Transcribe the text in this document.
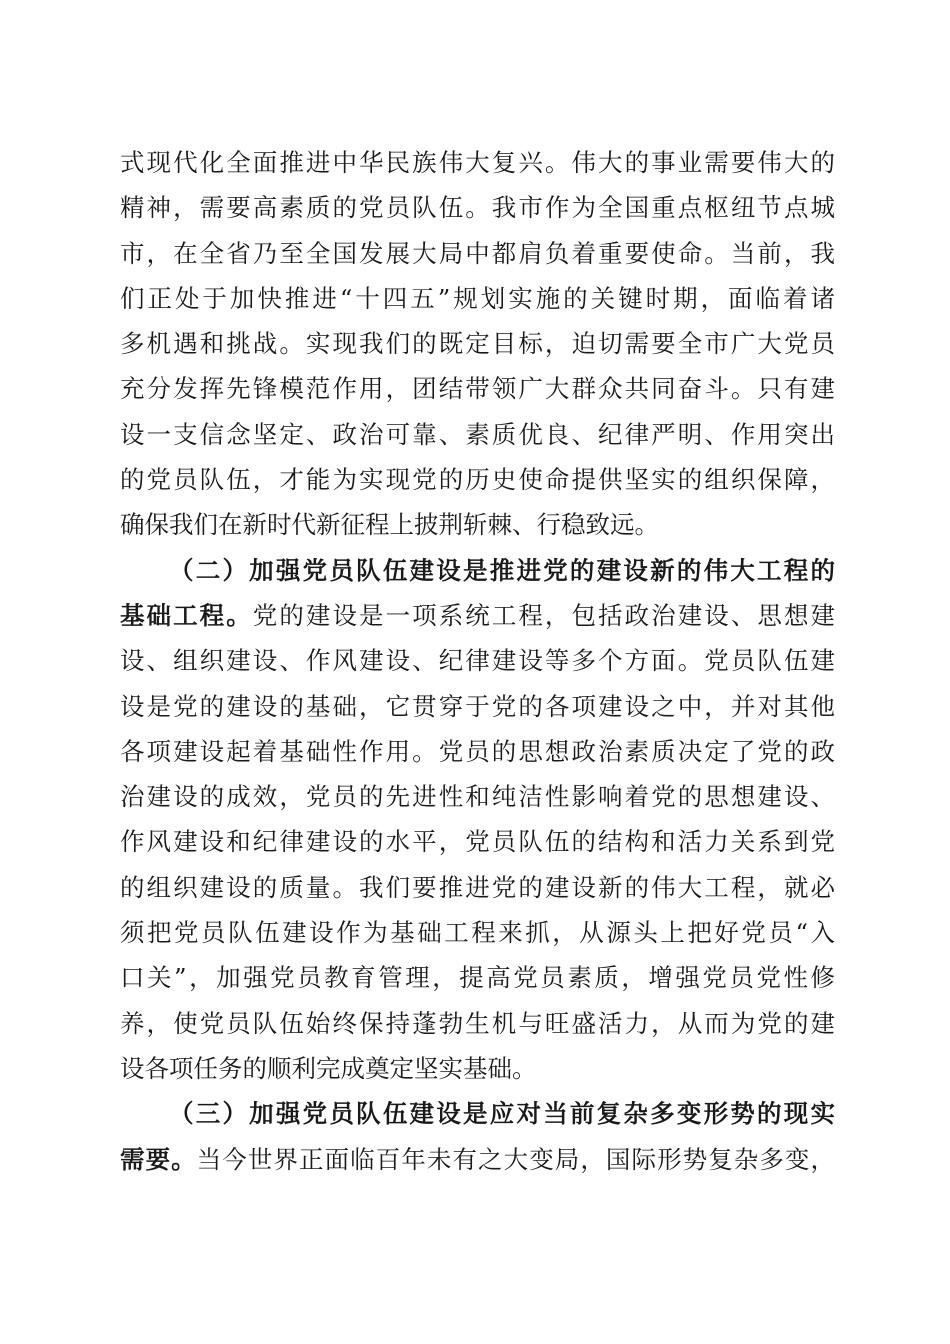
式现代化全面推进中华民族伟大复兴。伟大的事业需要伟大的
精神，需要高素质的党员队伍。我市作为全国重点枢纽节点城
市，在全省乃至全国发展大局中都肩负着重要使命。当前，我
们正处于加快推进“十四五”规划实施的关键时期，面临着诸
多机遇和挑战。实现我们的既定目标，迫切需要全市广大党员
充分发挥先锋模范作用，团结带领广大群众共同奋斗。只有建
设一支信念坚定、政治可靠、素质优良、纪律严明、作用突出
的党员队伍，才能为实现党的历史使命提供坚实的组织保障，
确保我们在新时代新征程上披荆斩棘、行稳致远。
（二）加强党员队伍建设是推进党的建设新的伟大工程的
基础工程。党的建设是一项系统工程，包括政治建设、思想建
设、组织建设、作风建设、纪律建设等多个方面。党员队伍建
设是党的建设的基础，它贯穿于党的各项建设之中，并对其他
各项建设起着基础性作用。党员的思想政治素质决定了党的政
治建设的成效，党员的先进性和纯洁性影响着党的思想建设、
作风建设和纪律建设的水平，党员队伍的结构和活力关系到党
的组织建设的质量。我们要推进党的建设新的伟大工程，就必
须把党员队伍建设作为基础工程来抓，从源头上把好党员“入
口关”，加强党员教育管理，提高党员素质，增强党员党性修
养，使党员队伍始终保持蓬勃生机与旺盛活力，从而为党的建
设各项任务的顺利完成奠定坚实基础。
（三）加强党员队伍建设是应对当前复杂多变形势的现实
需要。当今世界正面临百年未有之大变局，国际形势复杂多变，
